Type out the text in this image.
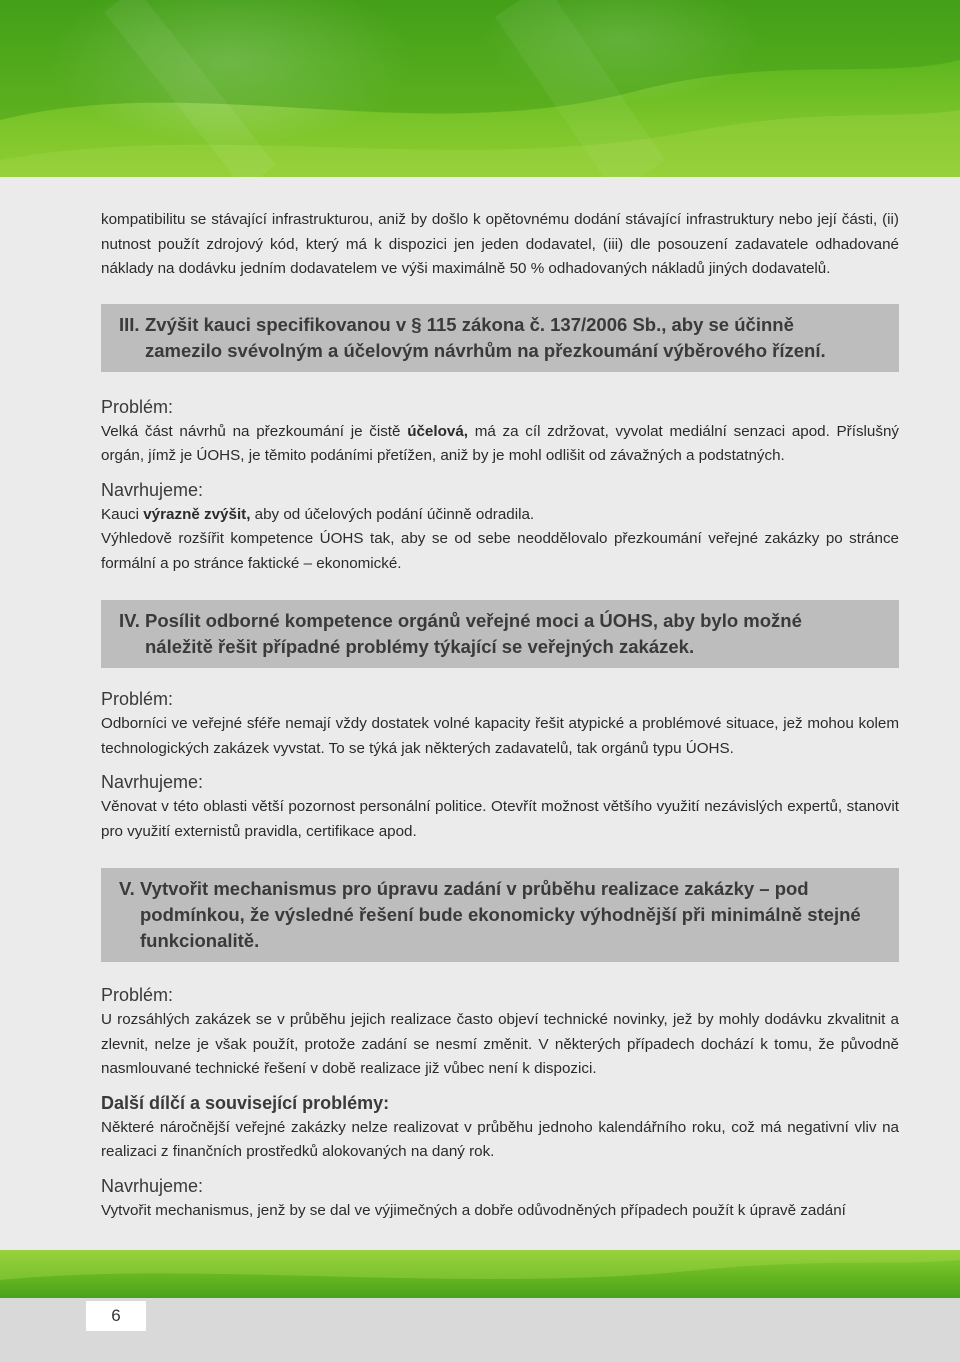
kompatibilitu se stávající infrastrukturou, aniž by došlo k opětovnému dodání stávající infrastruktury nebo její části, (ii) nutnost použít zdrojový kód, který má k dispozici jen jeden dodavatel, (iii) dle posouzení zadavatele odhadované náklady na dodávku jedním dodavatelem ve výši maximálně 50 % odhadovaných nákladů jiných dodavatelů.

III. Zvýšit kauci specifikovanou v § 115 zákona č. 137/2006 Sb., aby se účinně
zamezilo svévolným a účelovým návrhům na přezkoumání výběrového řízení.
Problém:

Velká část návrhů na přezkoumání je čistě účelová, má za cíl zdržovat, vyvolat mediální senzaci apod. Příslušný orgán, jímž je ÚOHS, je těmito podáními přetížen, aniž by je mohl odlišit od závažných a podstatných.

Navrhujeme:

Kauci výrazně zvýšit, aby od účelových podání účinně odradila.

Výhledově rozšířit kompetence ÚOHS tak, aby se od sebe neoddělovalo přezkoumání veřejné zakázky po stránce formální a po stránce faktické – ekonomické.

IV. Posílit odborné kompetence orgánů veřejné moci a ÚOHS, aby bylo možné
náležitě řešit případné problémy týkající se veřejných zakázek.
Problém:

Odborníci ve veřejné sféře nemají vždy dostatek volné kapacity řešit atypické a problémové situace, jež mohou kolem technologických zakázek vyvstat. To se týká jak některých zadavatelů, tak orgánů typu ÚOHS.

Navrhujeme:

Věnovat v této oblasti větší pozornost personální politice. Otevřít možnost většího využití nezávislých expertů, stanovit pro využití externistů pravidla, certifikace apod.

V. Vytvořit mechanismus pro úpravu zadání v průběhu realizace zakázky – pod
podmínkou, že výsledné řešení bude ekonomicky výhodnější při minimálně stejné
funkcionalitě.
Problém:

U rozsáhlých zakázek se v průběhu jejich realizace často objeví technické novinky, jež by mohly dodávku zkvalitnit a zlevnit, nelze je však použít, protože zadání se nesmí změnit. V některých případech dochází k tomu, že původně nasmlouvané technické řešení v době realizace již vůbec není k dispozici.

Další dílčí a související problémy:

Některé náročnější veřejné zakázky nelze realizovat v průběhu jednoho kalendářního roku, což má negativní vliv na realizaci z finančních prostředků alokovaných na daný rok.

Navrhujeme:

Vytvořit mechanismus, jenž by se dal ve výjimečných a dobře odůvodněných případech použít k úpravě zadání

6
